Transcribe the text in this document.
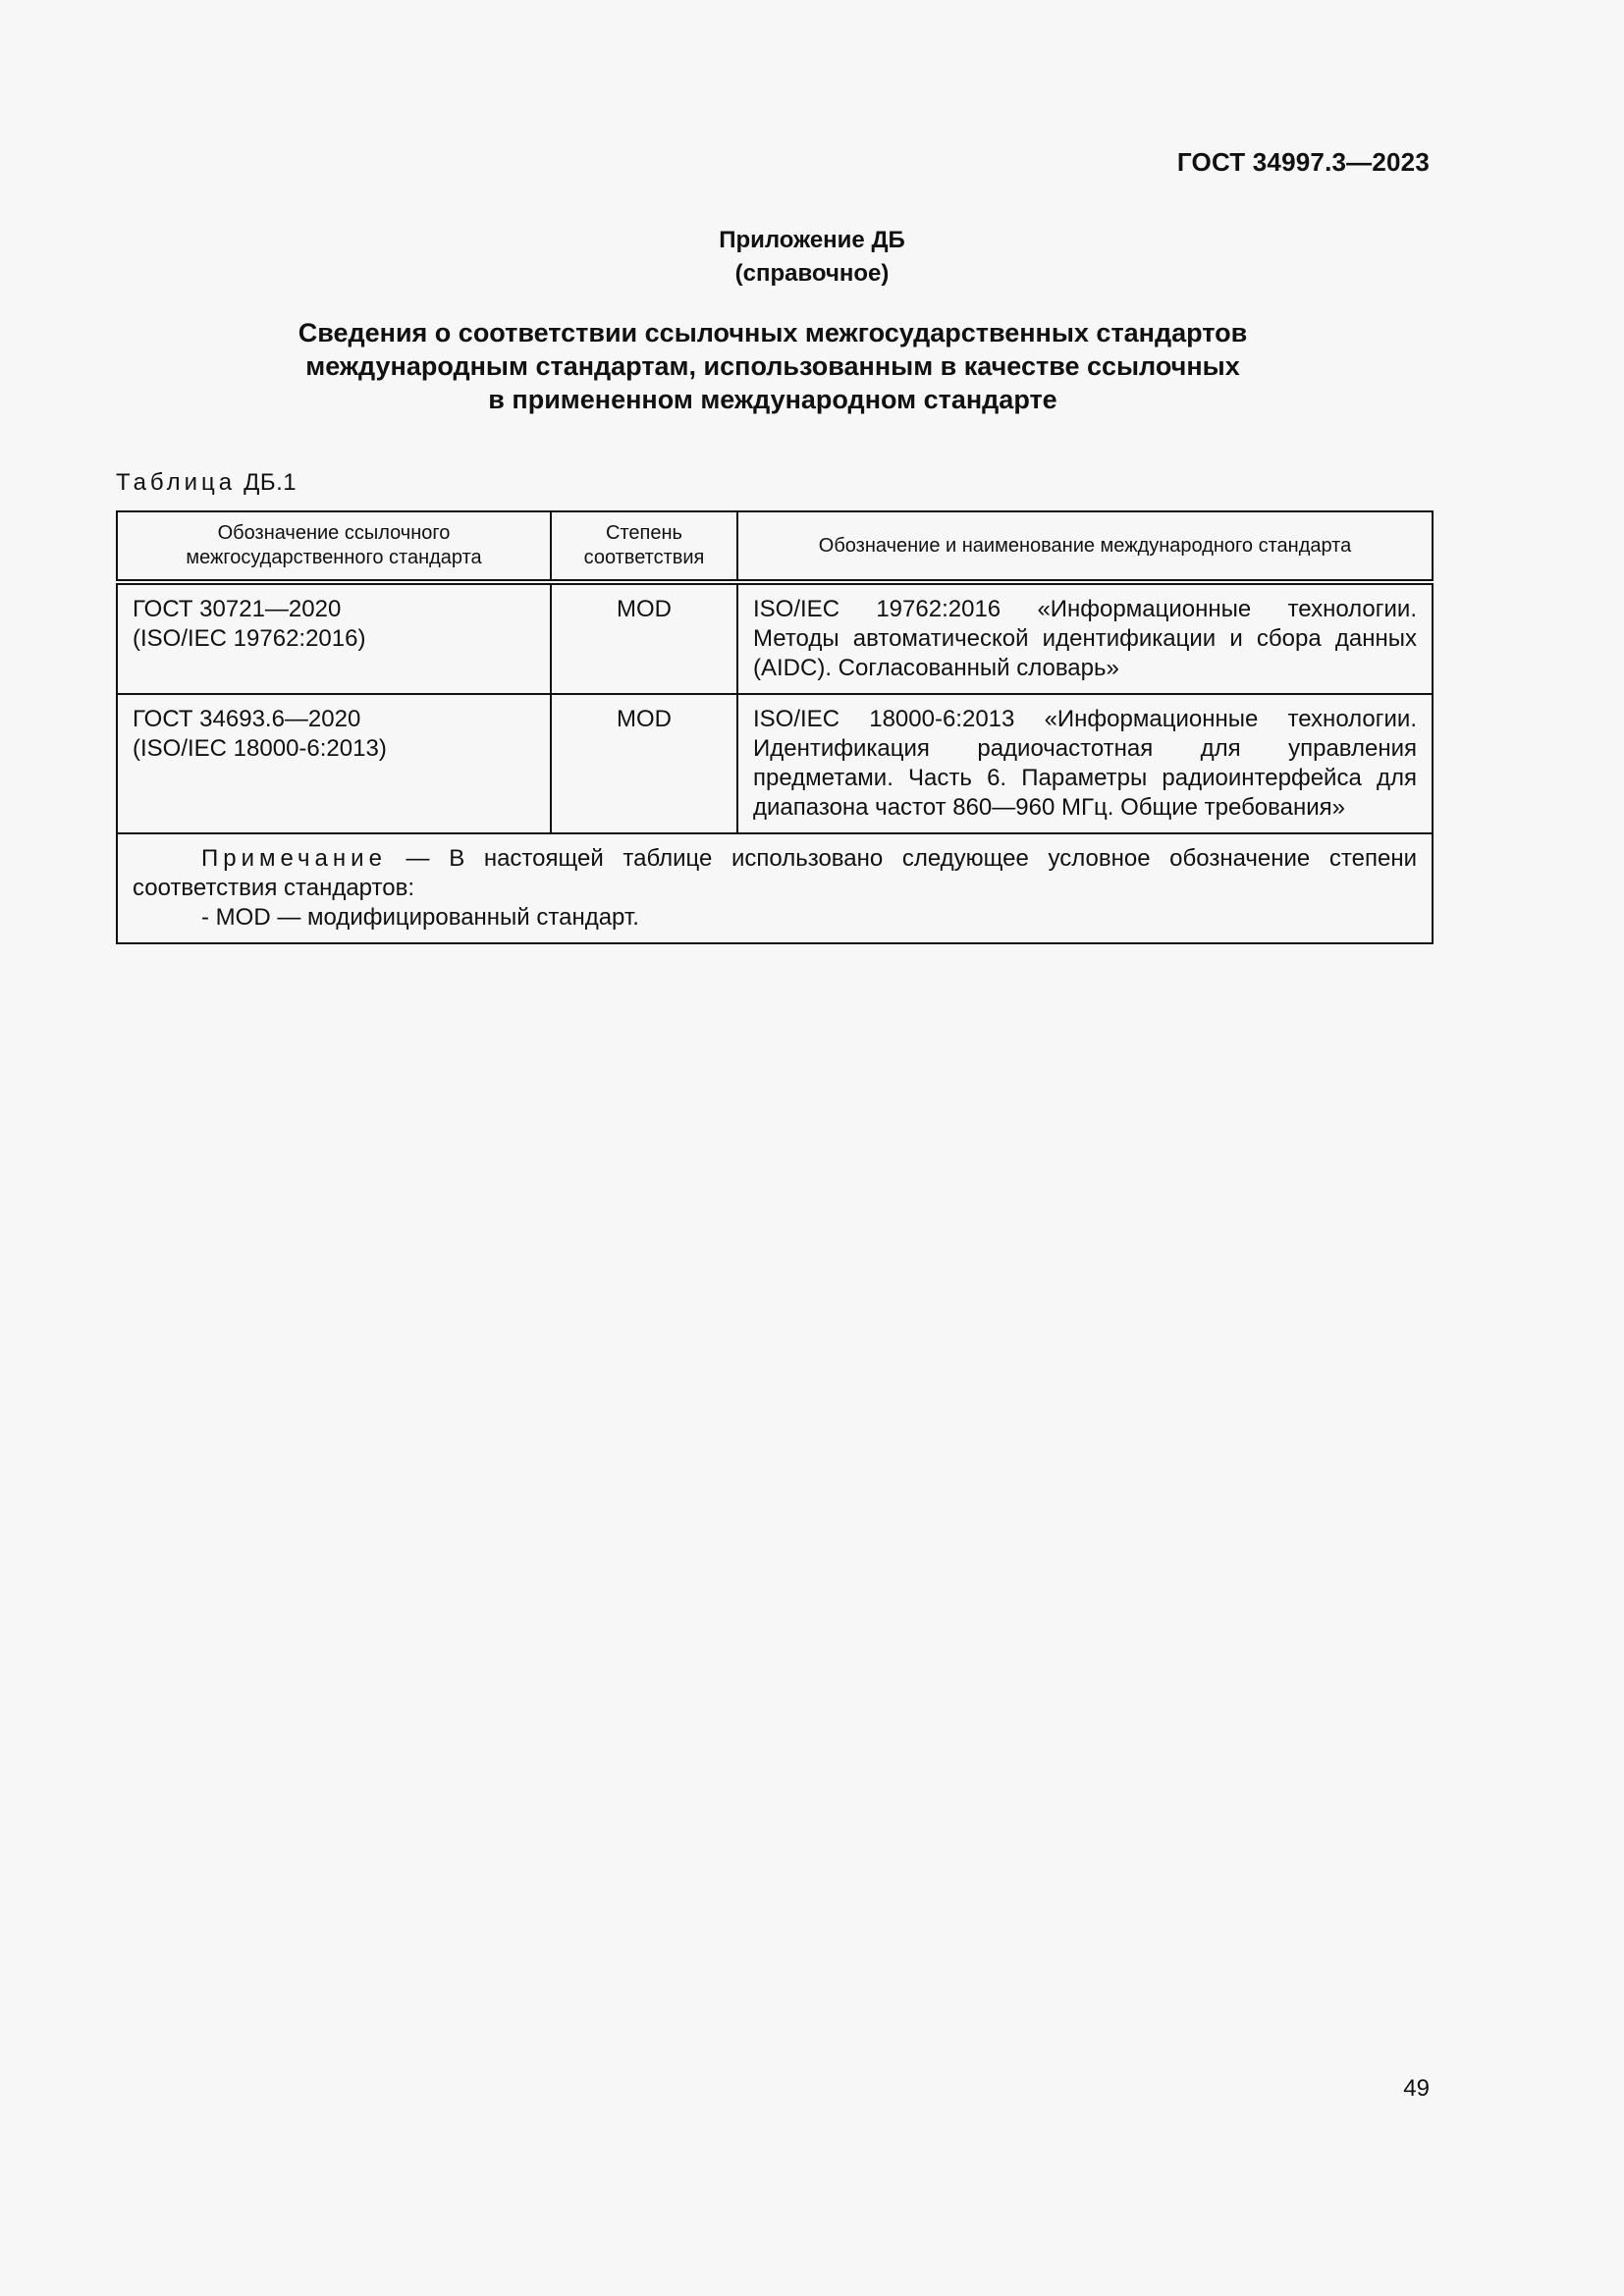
ГОСТ 34997.3—2023
Приложение ДБ
(справочное)
Сведения о соответствии ссылочных межгосударственных стандартов
международным стандартам, использованным в качестве ссылочных
в примененном международном стандарте
Таблица ДБ.1
Обозначение ссылочного межгосударственного стандарта	Степень соответствия	Обозначение и наименование международного стандарта

ГОСТ 30721—2020
(ISO/IEC 19762:2016)	MOD	ISO/IEC 19762:2016 «Информационные технологии. Методы автоматической идентификации и сбора данных (AIDC). Согласованный словарь»

ГОСТ 34693.6—2020
(ISO/IEC 18000-6:2013)	MOD	ISO/IEC 18000-6:2013 «Информационные технологии. Идентификация радиочастотная для управления предметами. Часть 6. Параметры радиоинтерфейса для диапазона частот 860—960 МГц. Общие требования»

Примечание — В настоящей таблице использовано следующее условное обозначение степени соответствия стандартов:
- MOD — модифицированный стандарт.		
49
